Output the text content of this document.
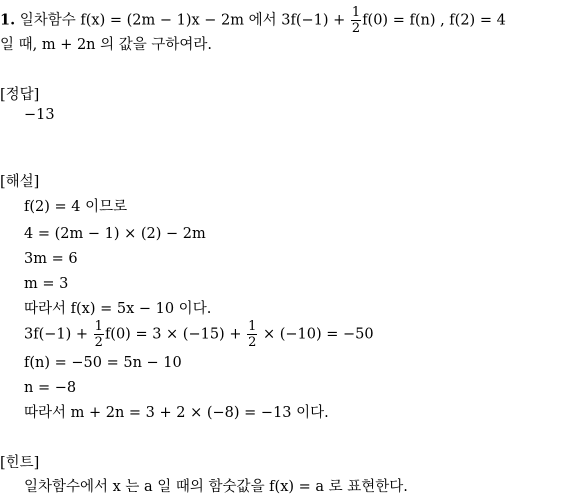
1. 일차함수 f(x) = (2m − 1)x − 2m 에서 $3f(-1) + \frac{1}{2} f(0) = f(n)$ , f(2) = 4
일 때, m + 2n 의 값을 구하여라.
[정답]
−13
[해설]
f(2) = 4 이므로
4 = (2m − 1) × (2) − 2m
3m = 6
m = 3
따라서 f(x) = 5x − 10 이다.
$3f(-1) + \frac{1}{2} f(0) = 3 \times (-15) + \frac{1}{2} \times (-10) = -50$
f(n) = −50 = 5n − 10
n = −8
따라서 m + 2n = 3 + 2 × (−8) = −13 이다.
[힌트]
일차함수에서 x 는 a 일 때의 함숫값을 f(x) = a 로 표현한다.
